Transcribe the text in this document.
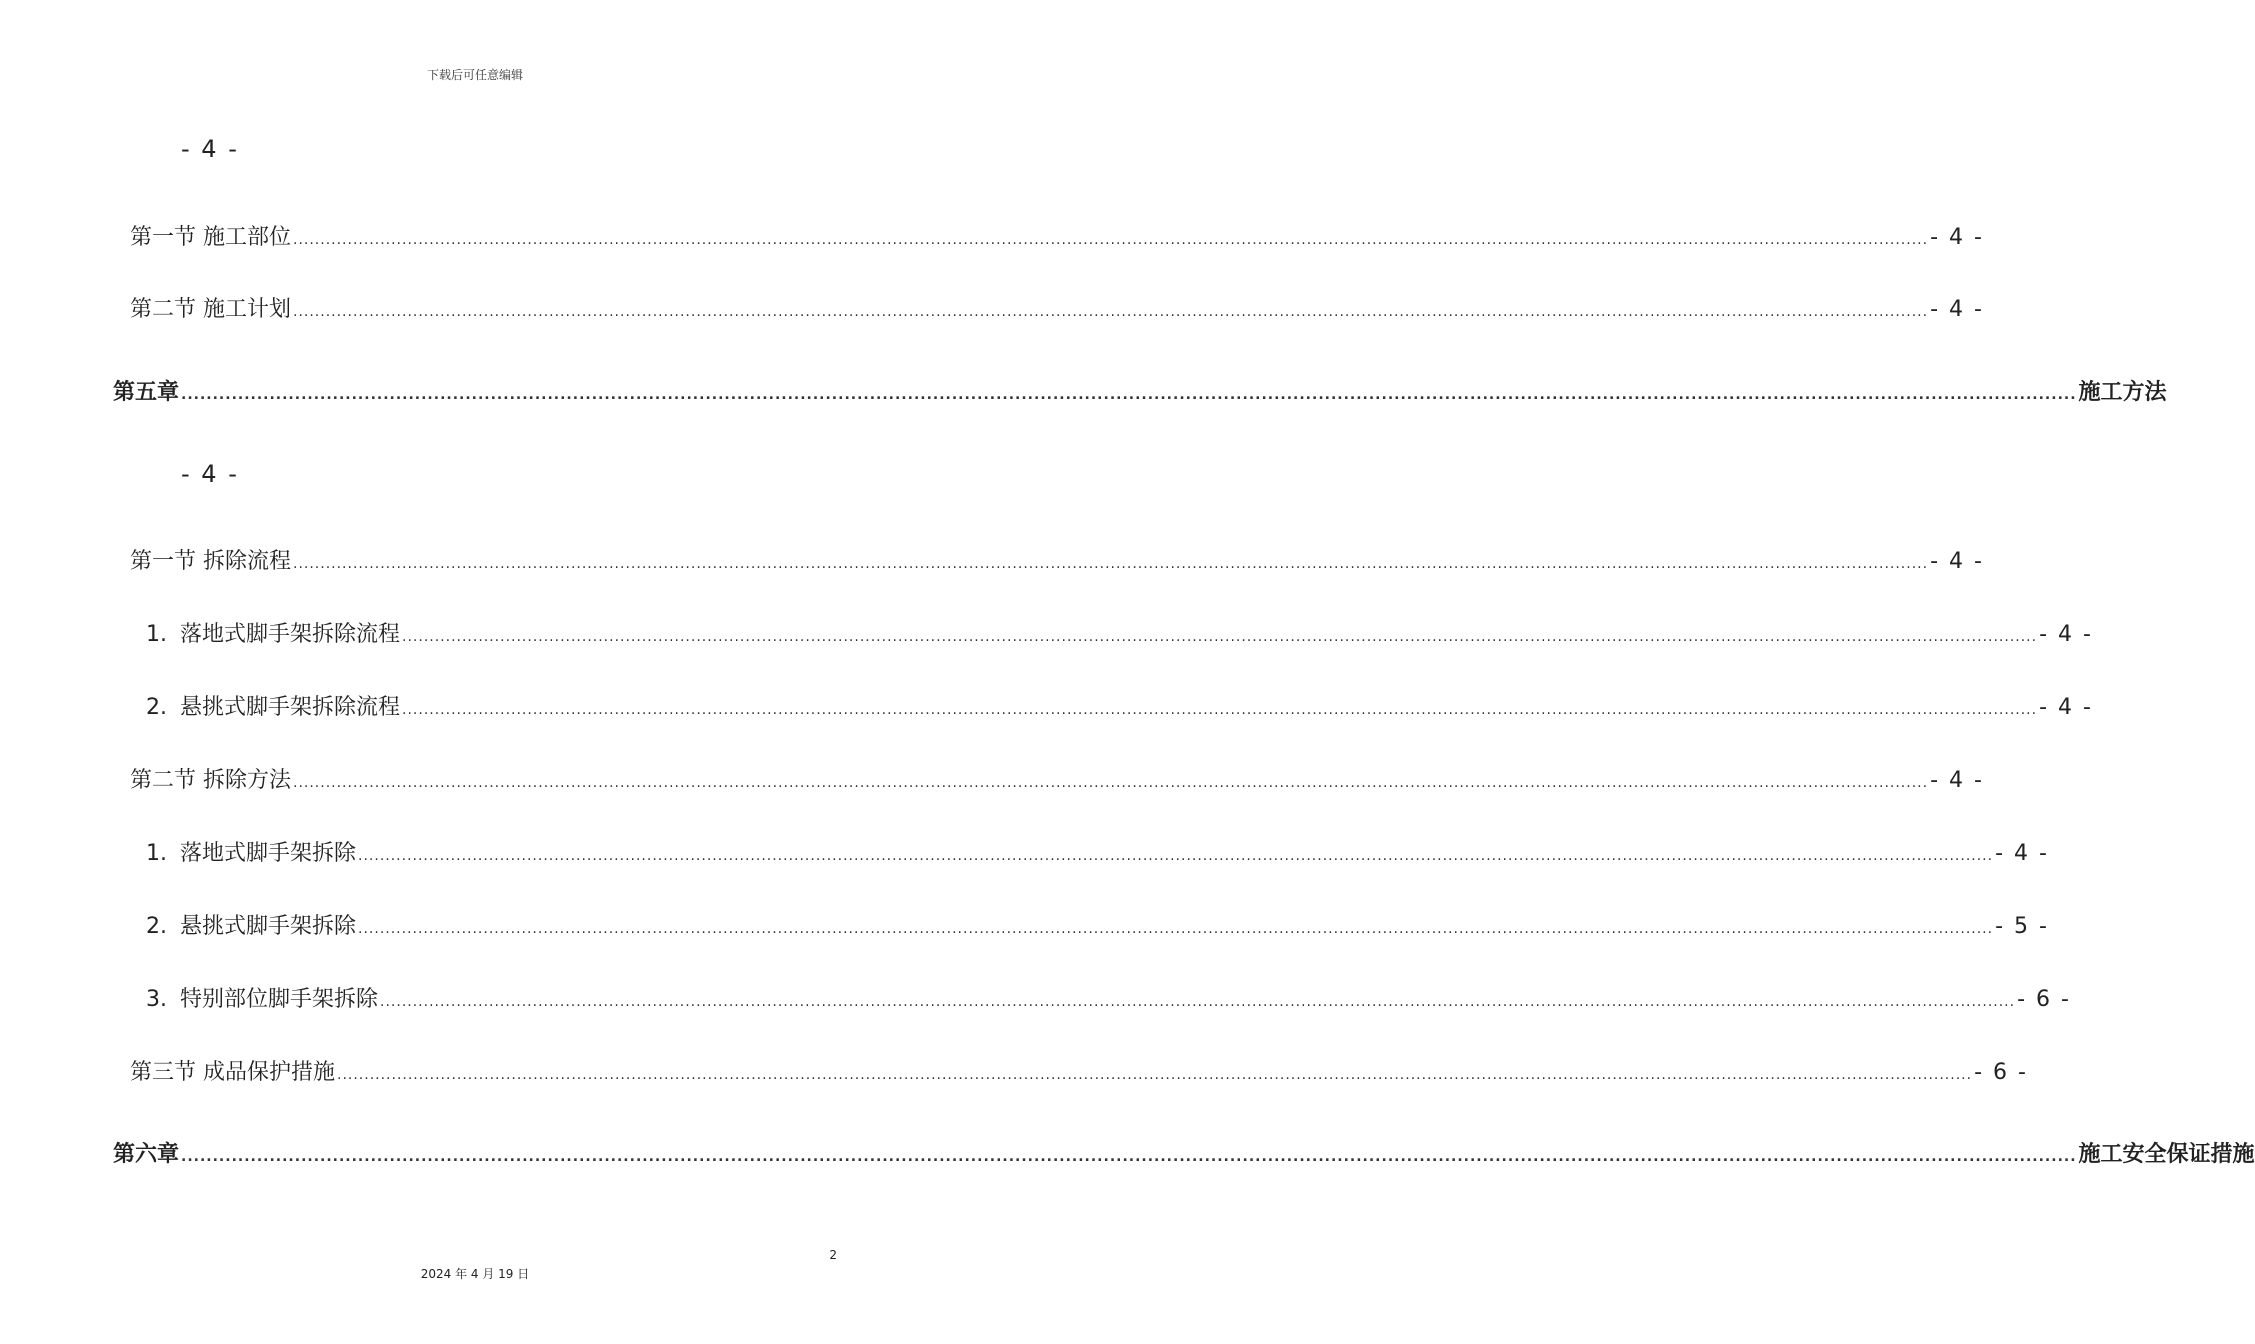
下载后可任意编辑
- 4 -
第一节 施工部位 ............................................................................................................................................................................................................................................................................................................ - 4 -
第二节 施工计划 ............................................................................................................................................................................................................................................................................................................ - 4 -
第五章 ............................................................................................................................................................................................................................................................................................................ 施工方法
- 4 -
第一节 拆除流程 ............................................................................................................................................................................................................................................................................................................ - 4 -
1. 落地式脚手架拆除流程 ............................................................................................................................................................................................................................................................................................................ - 4 -
2. 悬挑式脚手架拆除流程 ............................................................................................................................................................................................................................................................................................................ - 4 -
第二节 拆除方法 ............................................................................................................................................................................................................................................................................................................ - 4 -
1. 落地式脚手架拆除 ............................................................................................................................................................................................................................................................................................................ - 4 -
2. 悬挑式脚手架拆除 ............................................................................................................................................................................................................................................................................................................ - 5 -
3. 特别部位脚手架拆除 ............................................................................................................................................................................................................................................................................................................ - 6 -
第三节 成品保护措施 ............................................................................................................................................................................................................................................................................................................ - 6 -
第六章 ............................................................................................................................................................................................................................................................................................................ 施工安全保证措施
2
2024 年 4 月 19 日
